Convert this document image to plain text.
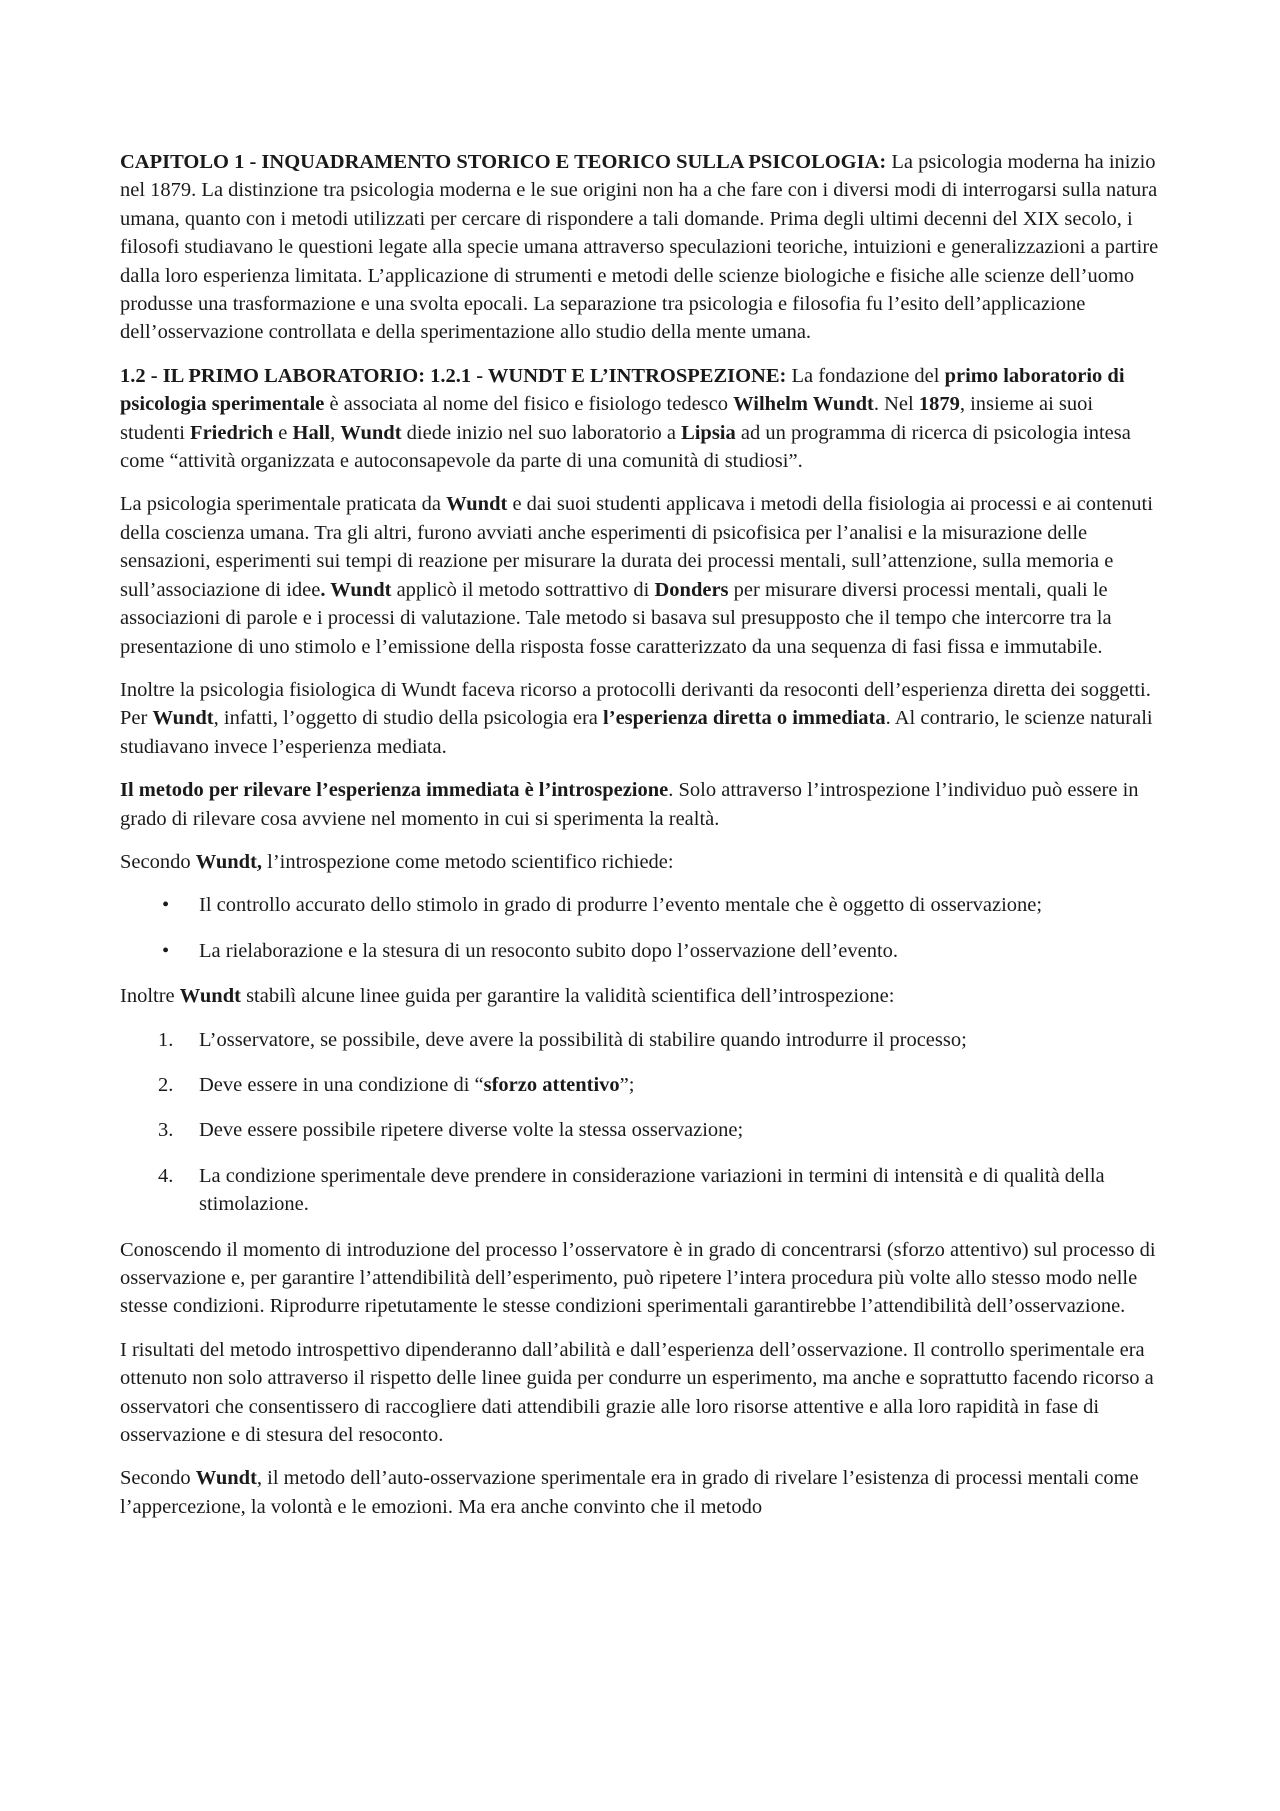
CAPITOLO 1 - INQUADRAMENTO STORICO E TEORICO SULLA PSICOLOGIA: La psicologia moderna ha inizio nel 1879. La distinzione tra psicologia moderna e le sue origini non ha a che fare con i diversi modi di interrogarsi sulla natura umana, quanto con i metodi utilizzati per cercare di rispondere a tali domande. Prima degli ultimi decenni del XIX secolo, i filosofi studiavano le questioni legate alla specie umana attraverso speculazioni teoriche, intuizioni e generalizzazioni a partire dalla loro esperienza limitata. L’applicazione di strumenti e metodi delle scienze biologiche e fisiche alle scienze dell’uomo produsse una trasformazione e una svolta epocali. La separazione tra psicologia e filosofia fu l’esito dell’applicazione dell’osservazione controllata e della sperimentazione allo studio della mente umana.

1.2 - IL PRIMO LABORATORIO: 1.2.1 - WUNDT E L’INTROSPEZIONE: La fondazione del primo laboratorio di psicologia sperimentale è associata al nome del fisico e fisiologo tedesco Wilhelm Wundt. Nel 1879, insieme ai suoi studenti Friedrich e Hall, Wundt diede inizio nel suo laboratorio a Lipsia ad un programma di ricerca di psicologia intesa come “attività organizzata e autoconsapevole da parte di una comunità di studiosi”.

La psicologia sperimentale praticata da Wundt e dai suoi studenti applicava i metodi della fisiologia ai processi e ai contenuti della coscienza umana. Tra gli altri, furono avviati anche esperimenti di psicofisica per l’analisi e la misurazione delle sensazioni, esperimenti sui tempi di reazione per misurare la durata dei processi mentali, sull’attenzione, sulla memoria e sull’associazione di idee. Wundt applicò il metodo sottrattivo di Donders per misurare diversi processi mentali, quali le associazioni di parole e i processi di valutazione. Tale metodo si basava sul presupposto che il tempo che intercorre tra la presentazione di uno stimolo e l’emissione della risposta fosse caratterizzato da una sequenza di fasi fissa e immutabile.

Inoltre la psicologia fisiologica di Wundt faceva ricorso a protocolli derivanti da resoconti dell’esperienza diretta dei soggetti. Per Wundt, infatti, l’oggetto di studio della psicologia era l’esperienza diretta o immediata. Al contrario, le scienze naturali studiavano invece l’esperienza mediata.

Il metodo per rilevare l’esperienza immediata è l’introspezione. Solo attraverso l’introspezione l’individuo può essere in grado di rilevare cosa avviene nel momento in cui si sperimenta la realtà.

Secondo Wundt, l’introspezione come metodo scientifico richiede:

• Il controllo accurato dello stimolo in grado di produrre l’evento mentale che è oggetto di osservazione;
• La rielaborazione e la stesura di un resoconto subito dopo l’osservazione dell’evento.

Inoltre Wundt stabilì alcune linee guida per garantire la validità scientifica dell’introspezione:

1. L’osservatore, se possibile, deve avere la possibilità di stabilire quando introdurre il processo;
2. Deve essere in una condizione di “sforzo attentivo”;
3. Deve essere possibile ripetere diverse volte la stessa osservazione;
4. La condizione sperimentale deve prendere in considerazione variazioni in termini di intensità e di qualità della stimolazione.

Conoscendo il momento di introduzione del processo l’osservatore è in grado di concentrarsi (sforzo attentivo) sul processo di osservazione e, per garantire l’attendibilità dell’esperimento, può ripetere l’intera procedura più volte allo stesso modo nelle stesse condizioni. Riprodurre ripetutamente le stesse condizioni sperimentali garantirebbe l’attendibilità dell’osservazione.

I risultati del metodo introspettivo dipenderanno dall’abilità e dall’esperienza dell’osservazione. Il controllo sperimentale era ottenuto non solo attraverso il rispetto delle linee guida per condurre un esperimento, ma anche e soprattutto facendo ricorso a osservatori che consentissero di raccogliere dati attendibili grazie alle loro risorse attentive e alla loro rapidità in fase di osservazione e di stesura del resoconto.

Secondo Wundt, il metodo dell’auto-osservazione sperimentale era in grado di rivelare l’esistenza di processi mentali come l’appercezione, la volontà e le emozioni. Ma era anche convinto che il metodo
